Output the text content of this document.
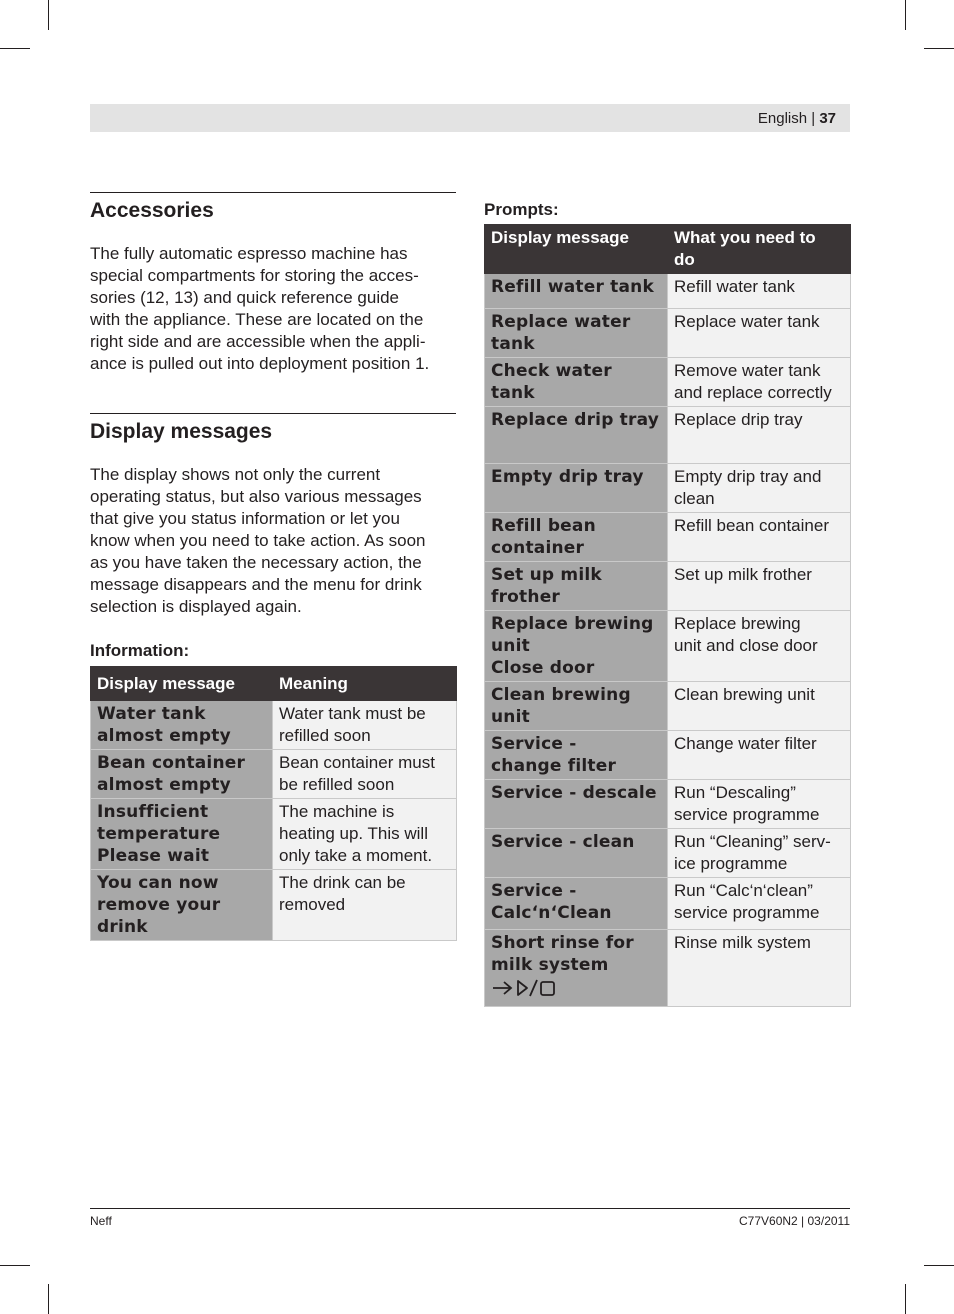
English | 37
Accessories
The fully automatic espresso machine has
special compartments for storing the acces-
sories (12, 13) and quick reference guide
with the appliance. These are located on the
right side and are accessible when the appli-
ance is pulled out into deployment position 1.
Display messages
The display shows not only the current
operating status, but also various messages
that give you status information or let you
know when you need to take action. As soon
as you have taken the necessary action, the
message disappears and the menu for drink
selection is displayed again.
Information:
Display message	Meaning
Water tank
almost empty	Water tank must be
refilled soon
Bean container
almost empty	Bean container must
be refilled soon
Insufficient
temperature
Please wait	The machine is
heating up. This will
only take a moment.
You can now
remove your drink	The drink can be
removed
Prompts:
Display message	What you need to
do
Refill water tank	Refill water tank
Replace water
tank	Replace water tank
Check water tank	Remove water tank
and replace correctly
Replace drip tray	Replace drip tray
Empty drip tray	Empty drip tray and
clean
Refill bean
container	Refill bean container
Set up milk
frother	Set up milk frother
Replace brewing
unit
Close door	Replace brewing
unit and close door
Clean brewing unit	Clean brewing unit
Service -
change filter	Change water filter
Service - descale	Run “Descaling”
service programme
Service - clean	Run “Cleaning” serv-
ice programme
Service -
Calc‘n‘Clean	Run “Calc‘n‘clean”
service programme
Short rinse for
milk system	Rinse milk system
Neff	C77V60N2 | 03/2011
